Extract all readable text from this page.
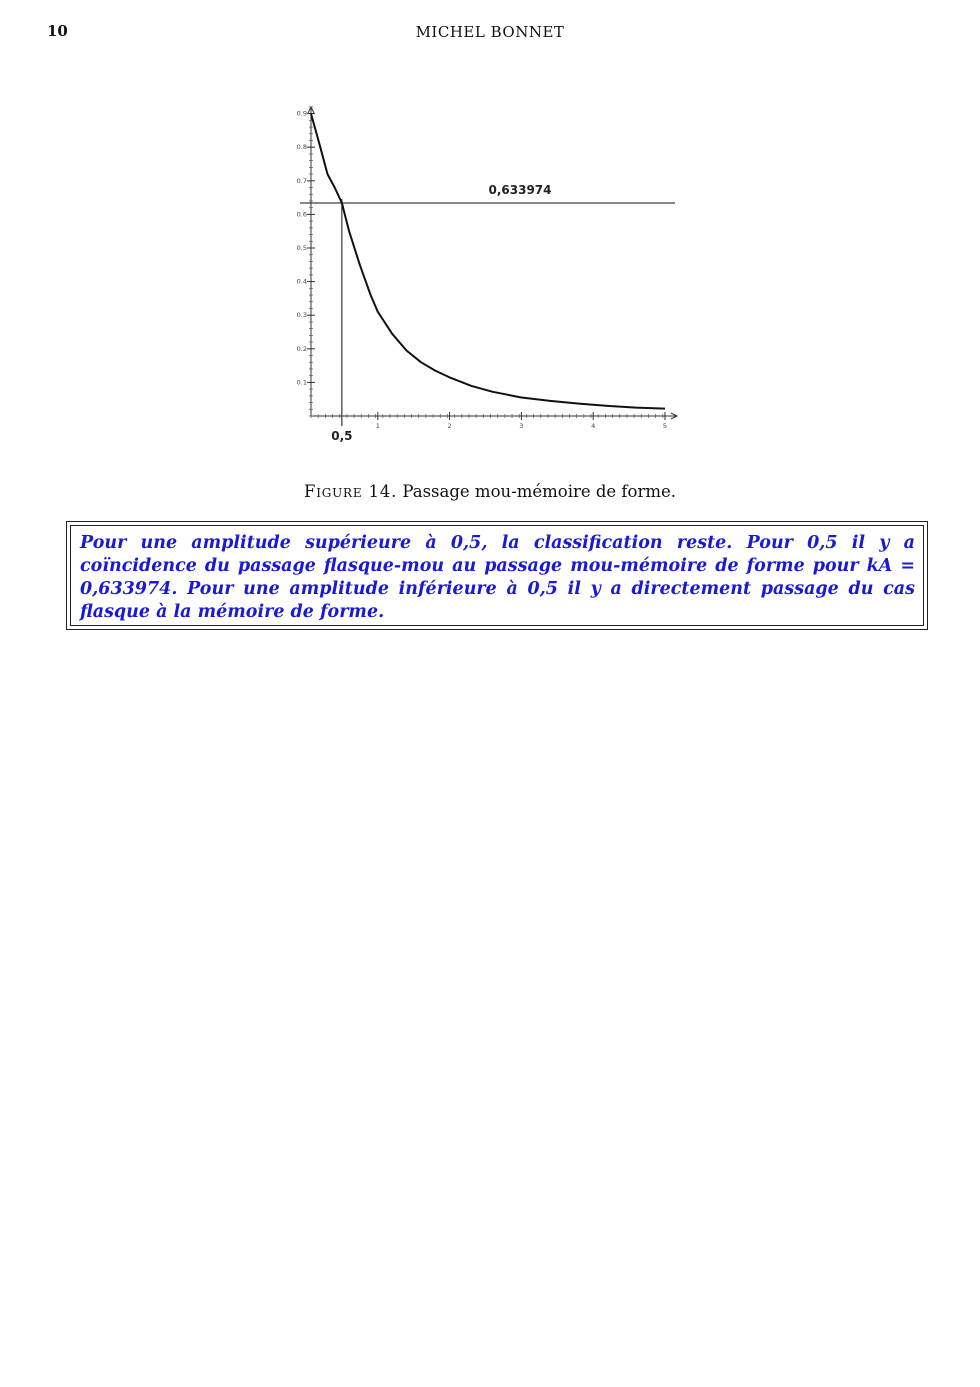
10	MICHEL BONNET
0.1
0.2
0.3
0.4
0.5
0.6
0.7
0.8
0.9
1	2	3	4	5
0,633974
0,5
Figure 14. Passage mou-mémoire de forme.
Pour une amplitude supérieure à 0,5, la classification reste. Pour 0,5 il y a coïncidence du passage flasque-mou au passage mou-mémoire de forme pour kA = 0,633974. Pour une amplitude inférieure à 0,5 il y a directement passage du cas flasque à la mémoire de forme.
